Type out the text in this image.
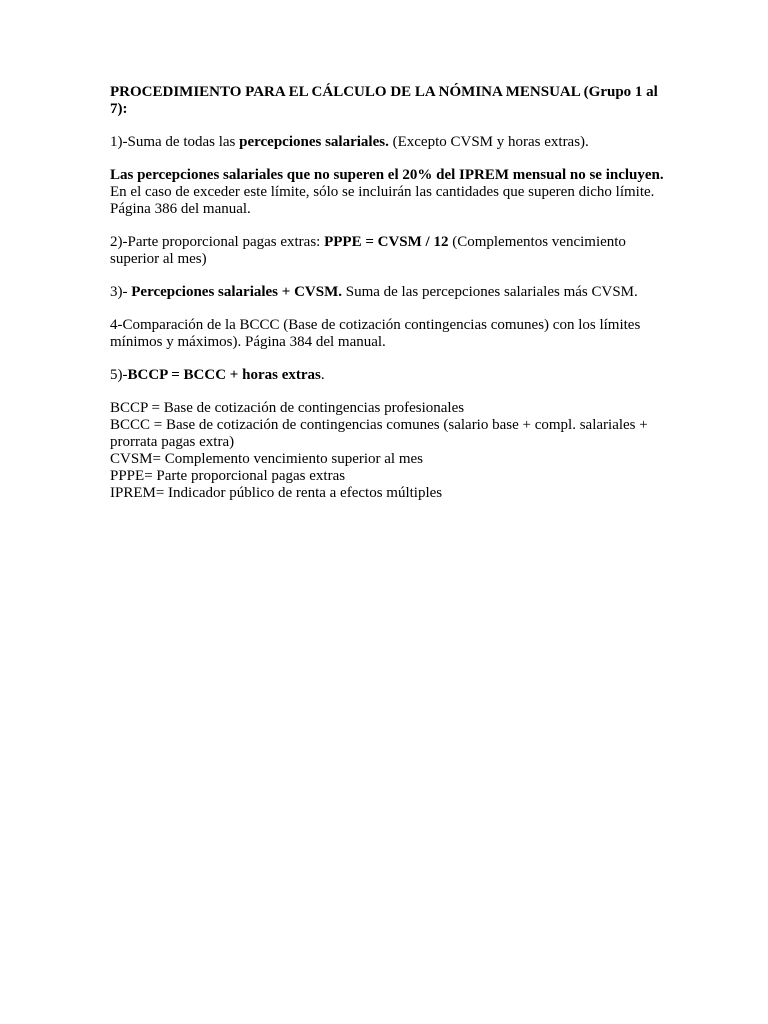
PROCEDIMIENTO PARA EL CÁLCULO DE LA NÓMINA MENSUAL (Grupo 1 al 7):

1)-Suma de todas las percepciones salariales. (Excepto CVSM y horas extras).

Las percepciones salariales que no superen el 20% del IPREM mensual no se incluyen.
En el caso de exceder este límite, sólo se incluirán las cantidades que superen dicho límite.
Página 386 del manual.

2)-Parte proporcional pagas extras: PPPE = CVSM / 12 (Complementos vencimiento superior al mes)

3)- Percepciones salariales + CVSM. Suma de las percepciones salariales más CVSM.

4-Comparación de la BCCC (Base de cotización contingencias comunes) con los límites mínimos y máximos). Página 384 del manual.

5)-BCCP = BCCC + horas extras.

BCCP = Base de cotización de contingencias profesionales
BCCC = Base de cotización de contingencias comunes (salario base + compl. salariales + prorrata pagas extra)
CVSM= Complemento vencimiento superior al mes
PPPE= Parte proporcional pagas extras
IPREM= Indicador público de renta a efectos múltiples
